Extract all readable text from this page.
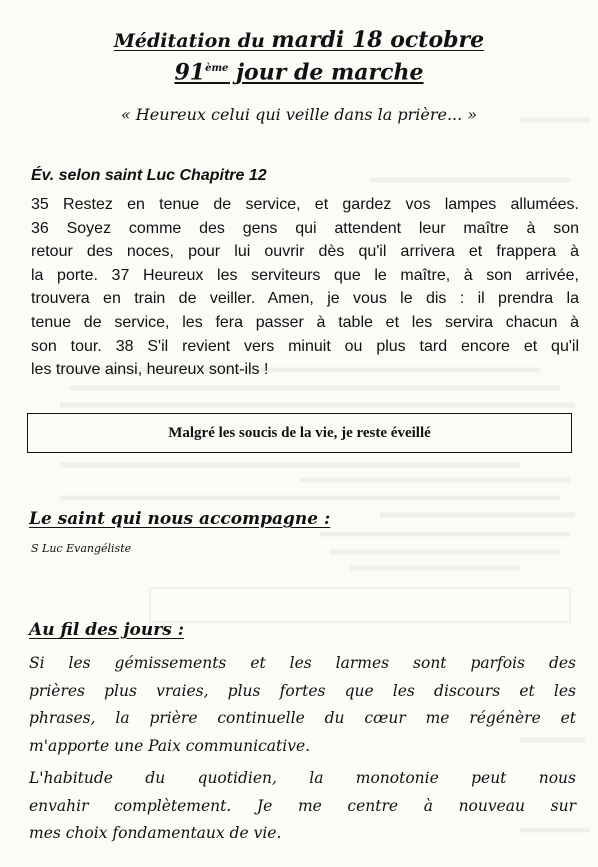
Méditation du mardi 18 octobre
91ème jour de marche
« Heureux celui qui veille dans la prière... »
Év. selon saint Luc Chapitre 12
35 Restez en tenue de service, et gardez vos lampes allumées.
36 Soyez comme des gens qui attendent leur maître à son
retour des noces, pour lui ouvrir dès qu'il arrivera et frappera à
la porte. 37 Heureux les serviteurs que le maître, à son arrivée,
trouvera en train de veiller. Amen, je vous le dis : il prendra la
tenue de service, les fera passer à table et les servira chacun à
son tour. 38 S'il revient vers minuit ou plus tard encore et qu'il
les trouve ainsi, heureux sont-ils !
Malgré les soucis de la vie, je reste éveillé
Le saint qui nous accompagne :
S Luc Evangéliste
Au fil des jours :
Si les gémissements et les larmes sont parfois des
prières plus vraies, plus fortes que les discours et les
phrases, la prière continuelle du cœur me régénère et
m'apporte une Paix communicative.
L'habitude du quotidien, la monotonie peut nous
envahir complètement. Je me centre à nouveau sur
mes choix fondamentaux de vie.
